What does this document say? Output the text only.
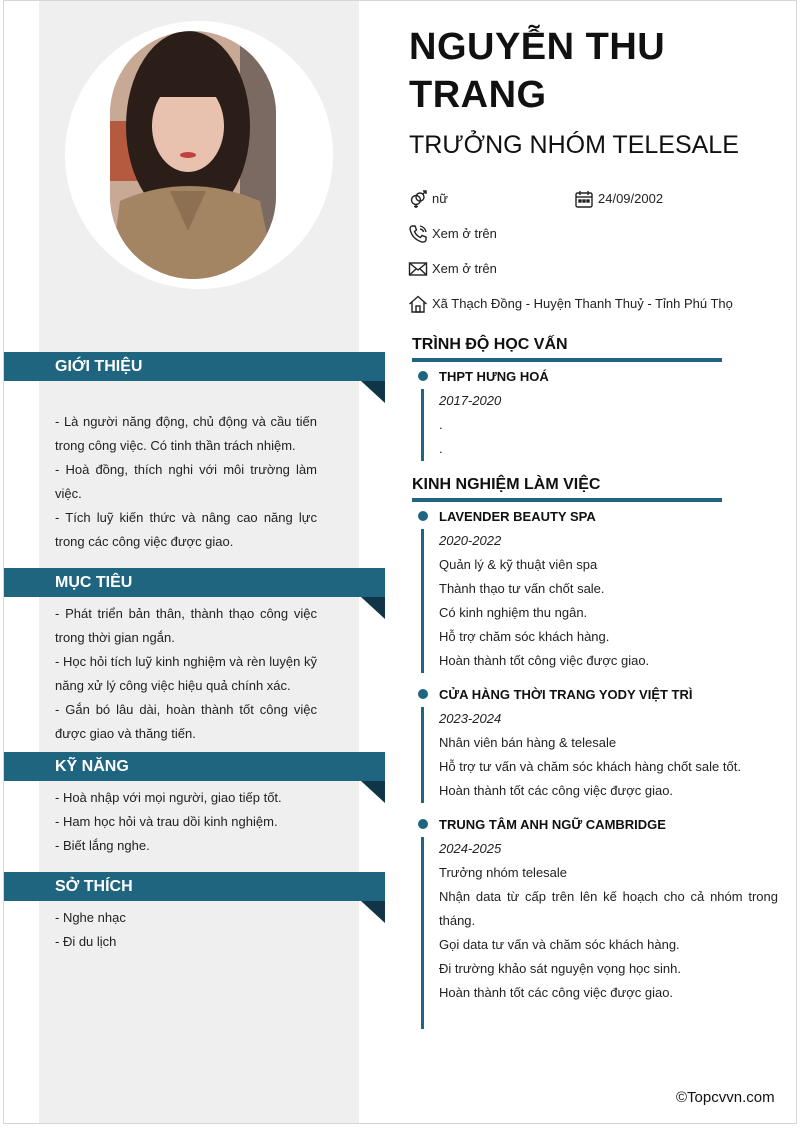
GIỚI THIỆU

- Là người năng động, chủ động và cầu tiến trong công việc. Có tinh thần trách nhiệm.

- Hoà đồng, thích nghi với môi trường làm việc.

- Tích luỹ kiến thức và nâng cao năng lực trong các công việc được giao.

MỤC TIÊU

- Phát triển bản thân, thành thạo công việc trong thời gian ngắn.

- Học hỏi tích luỹ kinh nghiệm và rèn luyện kỹ năng xử lý công việc hiệu quả chính xác.

- Gắn bó lâu dài, hoàn thành tốt công việc được giao và thăng tiến.

KỸ NĂNG

- Hoà nhập với mọi người, giao tiếp tốt.

- Ham học hỏi và trau dồi kinh nghiệm.

- Biết lắng nghe.

SỞ THÍCH

- Nghe nhạc

- Đi du lịch

NGUYỄN THU TRANG
TRƯỞNG NHÓM TELESALE
nữ	24/09/2002
Xem ở trên
Xem ở trên
Xã Thạch Đồng - Huyện Thanh Thuỷ - Tỉnh Phú Thọ
TRÌNH ĐỘ HỌC VẤN
THPT HƯNG HOÁ
2017-2020
.
.
KINH NGHIỆM LÀM VIỆC
LAVENDER BEAUTY SPA
2020-2022
Quản lý & kỹ thuật viên spa
Thành thạo tư vấn chốt sale.
Có kinh nghiệm thu ngân.
Hỗ trợ chăm sóc khách hàng.
Hoàn thành tốt công việc được giao.
CỬA HÀNG THỜI TRANG YODY VIỆT TRÌ
2023-2024
Nhân viên bán hàng & telesale
Hỗ trợ tư vấn và chăm sóc khách hàng chốt sale tốt.
Hoàn thành tốt các công việc được giao.
TRUNG TÂM ANH NGỮ CAMBRIDGE
2024-2025
Trưởng nhóm telesale
Nhận data từ cấp trên lên kế hoạch cho cả nhóm trong tháng.
Gọi data tư vấn và chăm sóc khách hàng.
Đi trường khảo sát nguyện vọng học sinh.
Hoàn thành tốt các công việc được giao.
©Topcvvn.com
